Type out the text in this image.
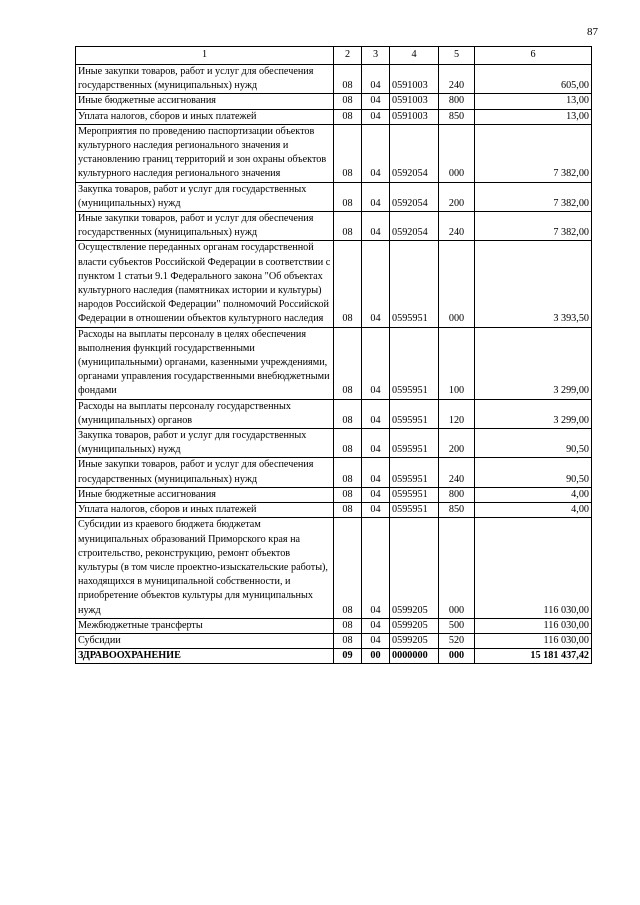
87
1	2	3	4	5	6
Иные закупки товаров, работ и услуг для обеспечения государственных (муниципальных) нужд	08	04	0591003	240	605,00
Иные бюджетные ассигнования	08	04	0591003	800	13,00
Уплата налогов, сборов и иных платежей	08	04	0591003	850	13,00
Мероприятия по проведению паспортизации объектов культурного наследия регионального значения и установлению границ территорий и зон охраны объектов культурного наследия регионального значения	08	04	0592054	000	7 382,00
Закупка товаров, работ и услуг для государственных (муниципальных) нужд	08	04	0592054	200	7 382,00
Иные закупки товаров, работ и услуг для обеспечения государственных (муниципальных) нужд	08	04	0592054	240	7 382,00
Осуществление переданных органам государственной власти субъектов Российской Федерации в соответствии с пунктом 1 статьи 9.1 Федерального закона "Об объектах культурного наследия (памятниках истории и культуры) народов Российской Федерации" полномочий Российской Федерации в отношении объектов культурного наследия	08	04	0595951	000	3 393,50
Расходы на выплаты персоналу в целях обеспечения выполнения функций государственными (муниципальными) органами, казенными учреждениями, органами управления государственными внебюджетными фондами	08	04	0595951	100	3 299,00
Расходы на выплаты персоналу государственных (муниципальных) органов	08	04	0595951	120	3 299,00
Закупка товаров, работ и услуг для государственных (муниципальных) нужд	08	04	0595951	200	90,50
Иные закупки товаров, работ и услуг для обеспечения государственных (муниципальных) нужд	08	04	0595951	240	90,50
Иные бюджетные ассигнования	08	04	0595951	800	4,00
Уплата налогов, сборов и иных платежей	08	04	0595951	850	4,00
Субсидии из краевого бюджета бюджетам муниципальных образований Приморского края на строительство, реконструкцию, ремонт объектов культуры (в том числе проектно-изыскательские работы), находящихся в муниципальной собственности, и приобретение объектов культуры для муниципальных нужд	08	04	0599205	000	116 030,00
Межбюджетные трансферты	08	04	0599205	500	116 030,00
Субсидии	08	04	0599205	520	116 030,00
ЗДРАВООХРАНЕНИЕ	09	00	0000000	000	15 181 437,42
